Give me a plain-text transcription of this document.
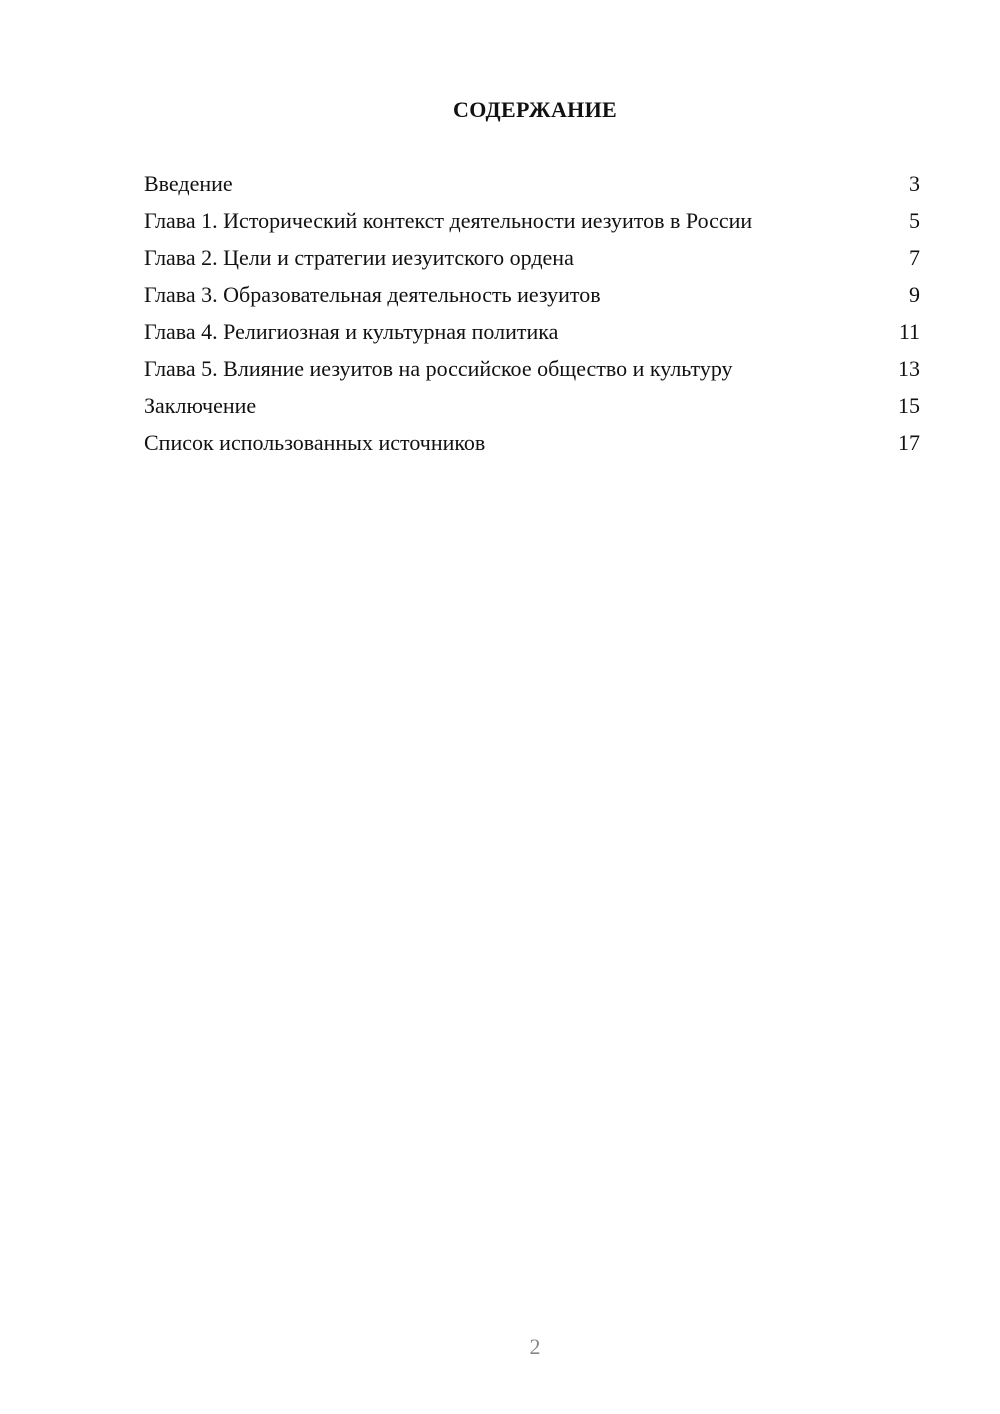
СОДЕРЖАНИЕ
Введение	3
Глава 1. Исторический контекст деятельности иезуитов в России	5
Глава 2. Цели и стратегии иезуитского ордена	7
Глава 3. Образовательная деятельность иезуитов	9
Глава 4. Религиозная и культурная политика	11
Глава 5. Влияние иезуитов на российское общество и культуру	13
Заключение	15
Список использованных источников	17
2
